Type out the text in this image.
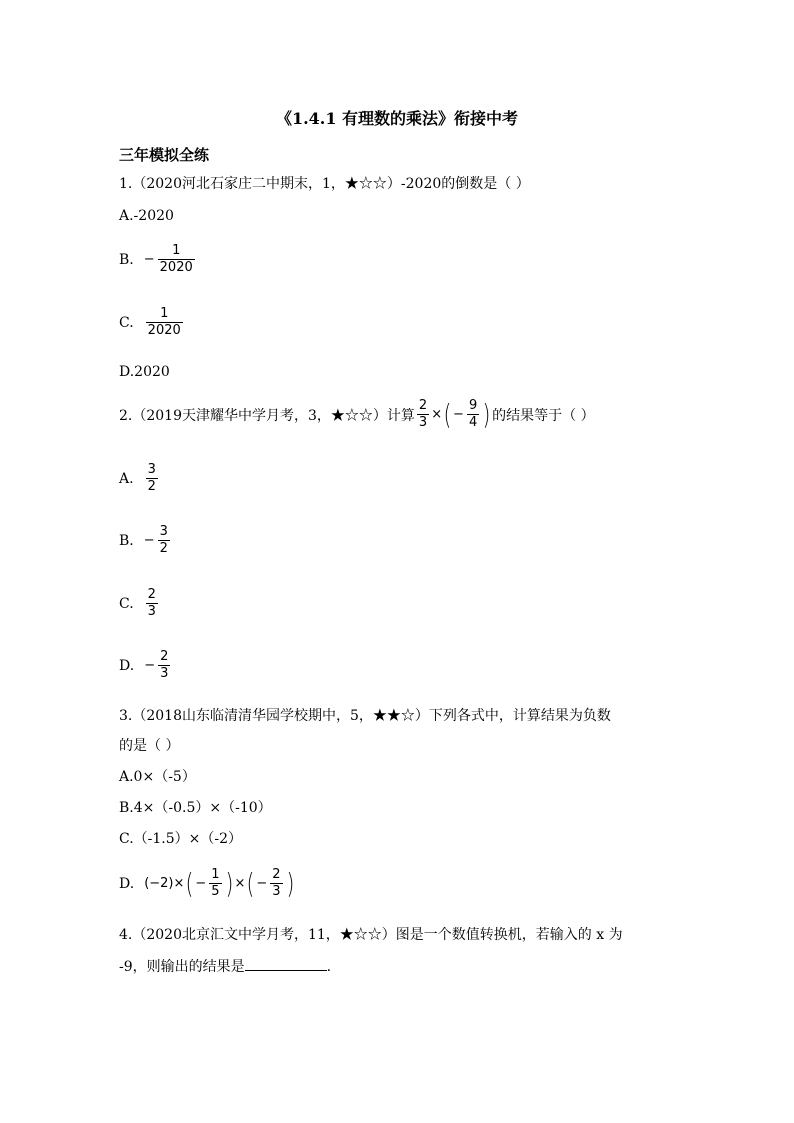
《1.4.1 有理数的乘法》衔接中考
三年模拟全练
1.（2020河北石家庄二中期末，1，★☆☆）-2020的倒数是（ ）
A.-2020
B. − $\frac{1}{2020}$
C. $\frac{1}{2020}$
D.2020
2.（2019天津耀华中学月考，3，★☆☆）计算 $\frac{2}{3}$ × ( − $\frac{9}{4}$ ) 的结果等于（ ）
A. $\frac{3}{2}$
B. − $\frac{3}{2}$
C. $\frac{2}{3}$
D. − $\frac{2}{3}$
3.（2018山东临清清华园学校期中，5，★★☆）下列各式中，计算结果为负数
的是（ ）
A.0×（-5）
B.4×（-0.5）×（-10）
C.（-1.5）×（-2）
D. (−2) × ( − $\frac{1}{5}$ ) × ( − $\frac{2}{3}$ )
4.（2020北京汇文中学月考，11，★☆☆）图是一个数值转换机，若输入的 x 为
-9，则输出的结果是	.
